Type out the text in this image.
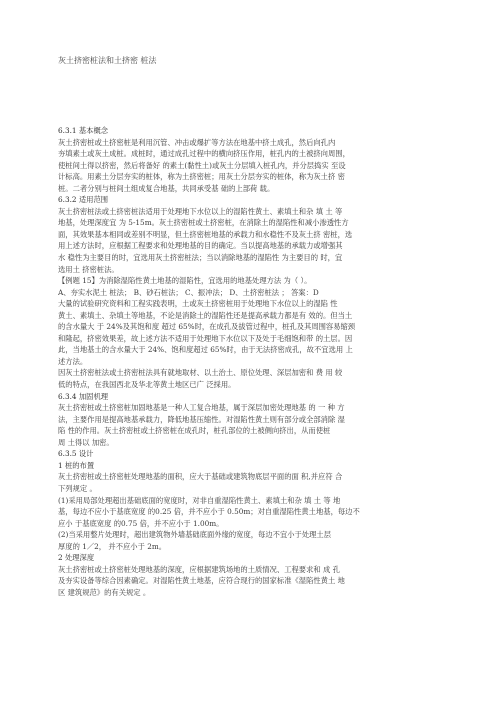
灰土挤密桩法和土挤密 桩法
6.3.1 基本概念
灰土挤密桩或土挤密桩是利用沉管、冲击或爆扩等方法在地基中挤土成孔，然后向孔内
夯填素土或灰土成桩。成桩时，通过成孔过程中的横向挤压作用，桩孔内的土被挤向周围，
使桩间土得以挤密，然后将备好 的素土(黏性土)或灰土分层填入桩孔内，并分层捣实 至设
计标高。用素土分层夯实的桩体，称为土挤密桩；用灰土分层夯实的桩体，称为灰土挤 密
桩。二者分别与桩间土组成复合地基，共同承受基 础的上部荷 载。
6.3.2 适用范围
灰土挤密桩法或土挤密桩法适用于处理地下水位以上的湿陷性黄土、素填土和杂 填 土 等
地基，处理深度宜 为 5-15m。灰土挤密桩或土挤密桩，在消除土的湿陷性和减小渗透性方
面，其效果基本相同或差别不明显，但土挤密桩地基的承载力和水稳性不及灰土挤 密桩，选
用上述方法时，应根据工程要求和处理地基的目的确定。当以提高地基的承载力或增强其
水 稳性为主要目的时，宜选用灰土挤密桩法；当以消除地基的湿陷性 为主要目的 时，宜
选用土 挤密桩法。
【例题 15】为消除湿陷性黄土地基的湿陷性，宜选用的地基处理方法 为（ ）。
A、夯实水泥土 桩法； B、砂石桩法； C、振冲法； D、土挤密桩法 ； 答案：D
大量的试验研究资料和工程实践表明，土或灰土挤密桩用于处理地下水位以上的湿陷 性
黄土、素填土、杂填土等地基，不论是消除土的湿陷性还是提高承载力都是有 效的。但当土
的含水量大 于 24%及其饱和度 超过 65%时，在成孔及拔管过程中，桩孔及其周围容易缩颈
和隆起，挤密效果差，故上述方法不适用于处理地下水位以下及处于毛细饱和带 的土层。因
此，当地基土的含水量大于 24%、饱和度超过 65%时，由于无法挤密成孔，故不宜选用 上
述方法。
因灰土挤密桩法或土挤密桩法具有就地取材、以土治土、原位处理、深层加密和 费 用 较
低的特点，在我国西北及华北等黄土地区已广 泛採用。
6.3.4 加固机理
灰土挤密桩或土挤密桩加固地基是一种人工复合地基，属于深层加密处理地基 的 一 种 方
法，主要作用是提高地基承载力，降低地基压缩性。对湿陷性黄土则有部分或全部消除 湿
陷 性的作用。灰土挤密桩或土挤密桩在成孔时，桩孔部位的土被侧向挤出，从而使桩
周 土得以 加密。
6.3.5 设计
1 桩的布置
灰土挤密桩或土挤密桩处理地基的面积，应大于基础或建筑物底层平面的面 积,并应符 合
下列规定 。
(1)采用局部处理超出基础底面的宽度时，对非自重湿陷性黄土、素填土和杂 填 土 等 地
基，每边不应小于基底宽度 的0.25 倍，并不应小于 0.50m；对自重湿陷性黄土地基，每边不
应小 于基底宽度 的0.75 倍，并不应小于 1.00m。
(2)当采用整片处理时，超出建筑物外墙基础底面外缘的宽度，每边不宜小于处理土层
厚度的 1／2， 并不应小于 2m。
2 处理深度
灰土挤密桩或土挤密桩处理地基的深度，应根据建筑场地的土质情况、工程要求和 成 孔
及夯实设备等综合因素确定。对湿陷性黄土地基，应符合现行的国家标准《湿陷性黄土 地
区 建筑规范》的有关规定 。
